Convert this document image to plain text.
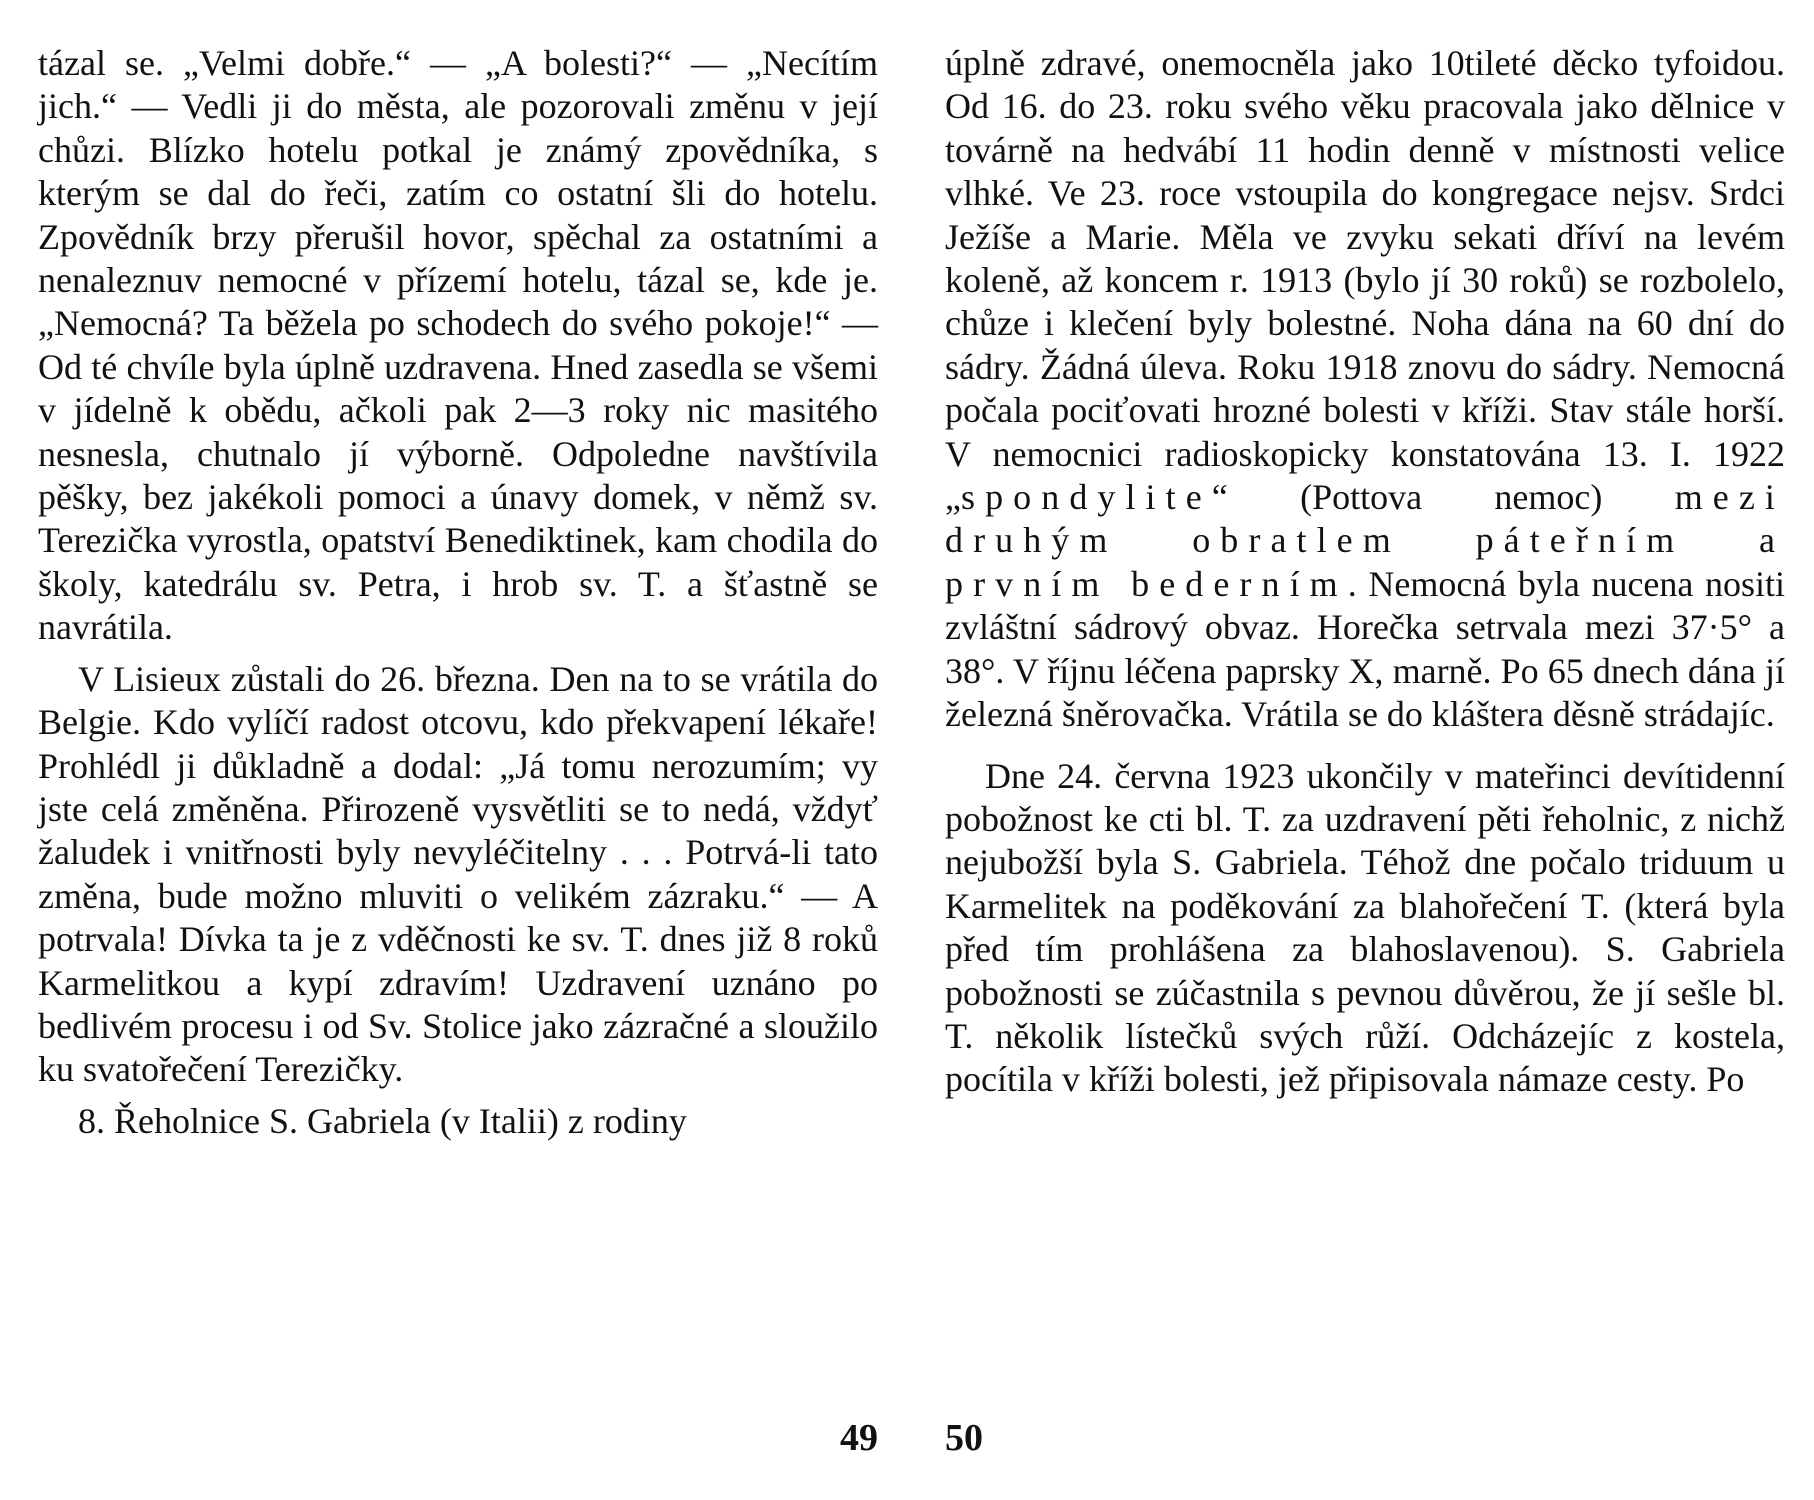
tázal se. „Velmi dobře.“ — „A bolesti?“ — „Necítím jich.“ — Vedli ji do města, ale pozorovali změnu v její chůzi. Blízko hotelu potkal je známý zpovědníka, s kterým se dal do řeči, zatím co ostatní šli do hotelu. Zpovědník brzy přerušil hovor, spěchal za ostatními a nenaleznuv nemocné v přízemí hotelu, tázal se, kde je. „Nemocná? Ta běžela po schodech do svého pokoje!“ — Od té chvíle byla úplně uzdravena. Hned zasedla se všemi v jídelně k obědu, ačkoli pak 2—3 roky nic masitého nesnesla, chutnalo jí výborně. Odpoledne navštívila pěšky, bez jakékoli pomoci a únavy domek, v němž sv. Terezička vyrostla, opatství Benediktinek, kam chodila do školy, katedrálu sv. Petra, i hrob sv. T. a šťastně se navrátila.

V Lisieux zůstali do 26. března. Den na to se vrátila do Belgie. Kdo vylíčí radost otcovu, kdo překvapení lékaře! Prohlédl ji důkladně a dodal: „Já tomu nerozumím; vy jste celá změněna. Přirozeně vysvětliti se to nedá, vždyť žaludek i vnitřnosti byly nevyléčitelny . . . Potrvá-li tato změna, bude možno mluviti o velikém zázraku.“ — A potrvala! Dívka ta je z vděčnosti ke sv. T. dnes již 8 roků Karmelitkou a kypí zdravím! Uzdravení uznáno po bedlivém procesu i od Sv. Stolice jako zázračné a sloužilo ku svatořečení Terezičky.

8. Řeholnice S. Gabriela (v Italii) z rodiny

49

úplně zdravé, onemocněla jako 10tileté děcko tyfoidou. Od 16. do 23. roku svého věku pracovala jako dělnice v továrně na hedvábí 11 hodin denně v místnosti velice vlhké. Ve 23. roce vstoupila do kongregace nejsv. Srdci Ježíše a Marie. Měla ve zvyku sekati dříví na levém koleně, až koncem r. 1913 (bylo jí 30 roků) se rozbolelo, chůze i klečení byly bolestné. Noha dána na 60 dní do sádry. Žádná úleva. Roku 1918 znovu do sádry. Nemocná počala pociťovati hrozné bolesti v kříži. Stav stále horší. V nemocnici radioskopicky konstatována 13. I. 1922 „spondylite“ (Pottova nemoc) mezi druhým obratlem páteřním a prvním bederním. Nemocná byla nucena nositi zvláštní sádrový obvaz. Horečka setrvala mezi 37·5° a 38°. V říjnu léčena paprsky X, marně. Po 65 dnech dána jí železná šněrovačka. Vrátila se do kláštera děsně strádajíc.

Dne 24. června 1923 ukončily v mateřinci devítidenní pobožnost ke cti bl. T. za uzdravení pěti řeholnic, z nichž nejubožší byla S. Gabriela. Téhož dne počalo triduum u Karmelitek na poděkování za blahořečení T. (která byla před tím prohlášena za blahoslavenou). S. Gabriela pobožnosti se zúčastnila s pevnou důvěrou, že jí sešle bl. T. několik lístečků svých růží. Odcházejíc z kostela, pocítila v kříži bolesti, jež připisovala námaze cesty. Po

50
